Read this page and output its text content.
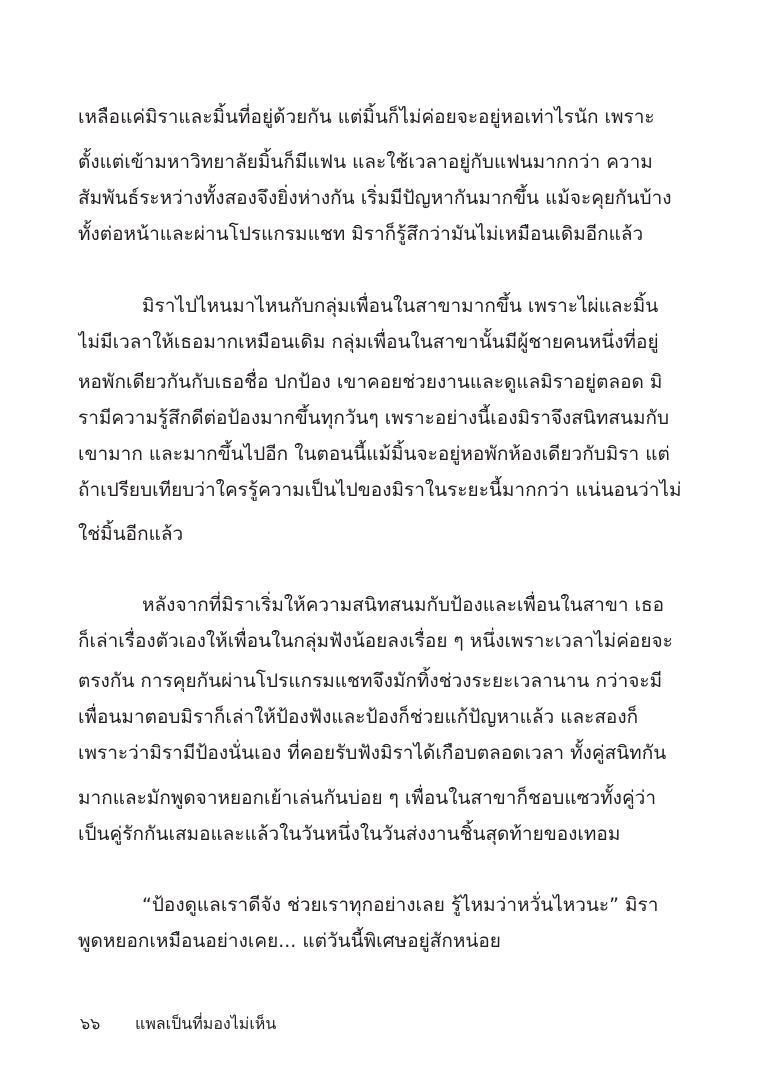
เหลือแค่มิราและมิ้นที่อยู่ด้วยกัน แต่มิ้นก็ไม่ค่อยจะอยู่หอเท่าไรนัก เพราะ
ตั้งแต่เข้ามหาวิทยาลัยมิ้นก็มีแฟน และใช้เวลาอยู่กับแฟนมากกว่า ความ
สัมพันธ์ระหว่างทั้งสองจึงยิ่งห่างกัน เริ่มมีปัญหากันมากขึ้น แม้จะคุยกันบ้าง
ทั้งต่อหน้าและผ่านโปรแกรมแชท มิราก็รู้สึกว่ามันไม่เหมือนเดิมอีกแล้ว
มิราไปไหนมาไหนกับกลุ่มเพื่อนในสาขามากขึ้น เพราะไผ่และมิ้น
ไม่มีเวลาให้เธอมากเหมือนเดิม กลุ่มเพื่อนในสาขานั้นมีผู้ชายคนหนึ่งที่อยู่
หอพักเดียวกันกับเธอชื่อ ปกป้อง เขาคอยช่วยงานและดูแลมิราอยู่ตลอด มิ
รามีความรู้สึกดีต่อป้องมากขึ้นทุกวันๆ เพราะอย่างนี้เองมิราจึงสนิทสนมกับ
เขามาก และมากขึ้นไปอีก ในตอนนี้แม้มิ้นจะอยู่หอพักห้องเดียวกับมิรา แต่
ถ้าเปรียบเทียบว่าใครรู้ความเป็นไปของมิราในระยะนี้มากกว่า แน่นอนว่าไม่
ใช่มิ้นอีกแล้ว
หลังจากที่มิราเริ่มให้ความสนิทสนมกับป้องและเพื่อนในสาขา เธอ
ก็เล่าเรื่องตัวเองให้เพื่อนในกลุ่มฟังน้อยลงเรื่อย ๆ หนึ่งเพราะเวลาไม่ค่อยจะ
ตรงกัน การคุยกันผ่านโปรแกรมแชทจึงมักทิ้งช่วงระยะเวลานาน กว่าจะมี
เพื่อนมาตอบมิราก็เล่าให้ป้องฟังและป้องก็ช่วยแก้ปัญหาแล้ว และสองก็
เพราะว่ามิรามีป้องนั่นเอง ที่คอยรับฟังมิราได้เกือบตลอดเวลา ทั้งคู่สนิทกัน
มากและมักพูดจาหยอกเย้าเล่นกันบ่อย ๆ เพื่อนในสาขาก็ชอบแซวทั้งคู่ว่า
เป็นคู่รักกันเสมอและแล้วในวันหนึ่งในวันส่งงานชิ้นสุดท้ายของเทอม
“ป้องดูแลเราดีจัง ช่วยเราทุกอย่างเลย รู้ไหมว่าหวั่นไหวนะ” มิรา
พูดหยอกเหมือนอย่างเคย... แต่วันนี้พิเศษอยู่สักหน่อย
๖๖ แพลเป็นที่มองไม่เห็น
